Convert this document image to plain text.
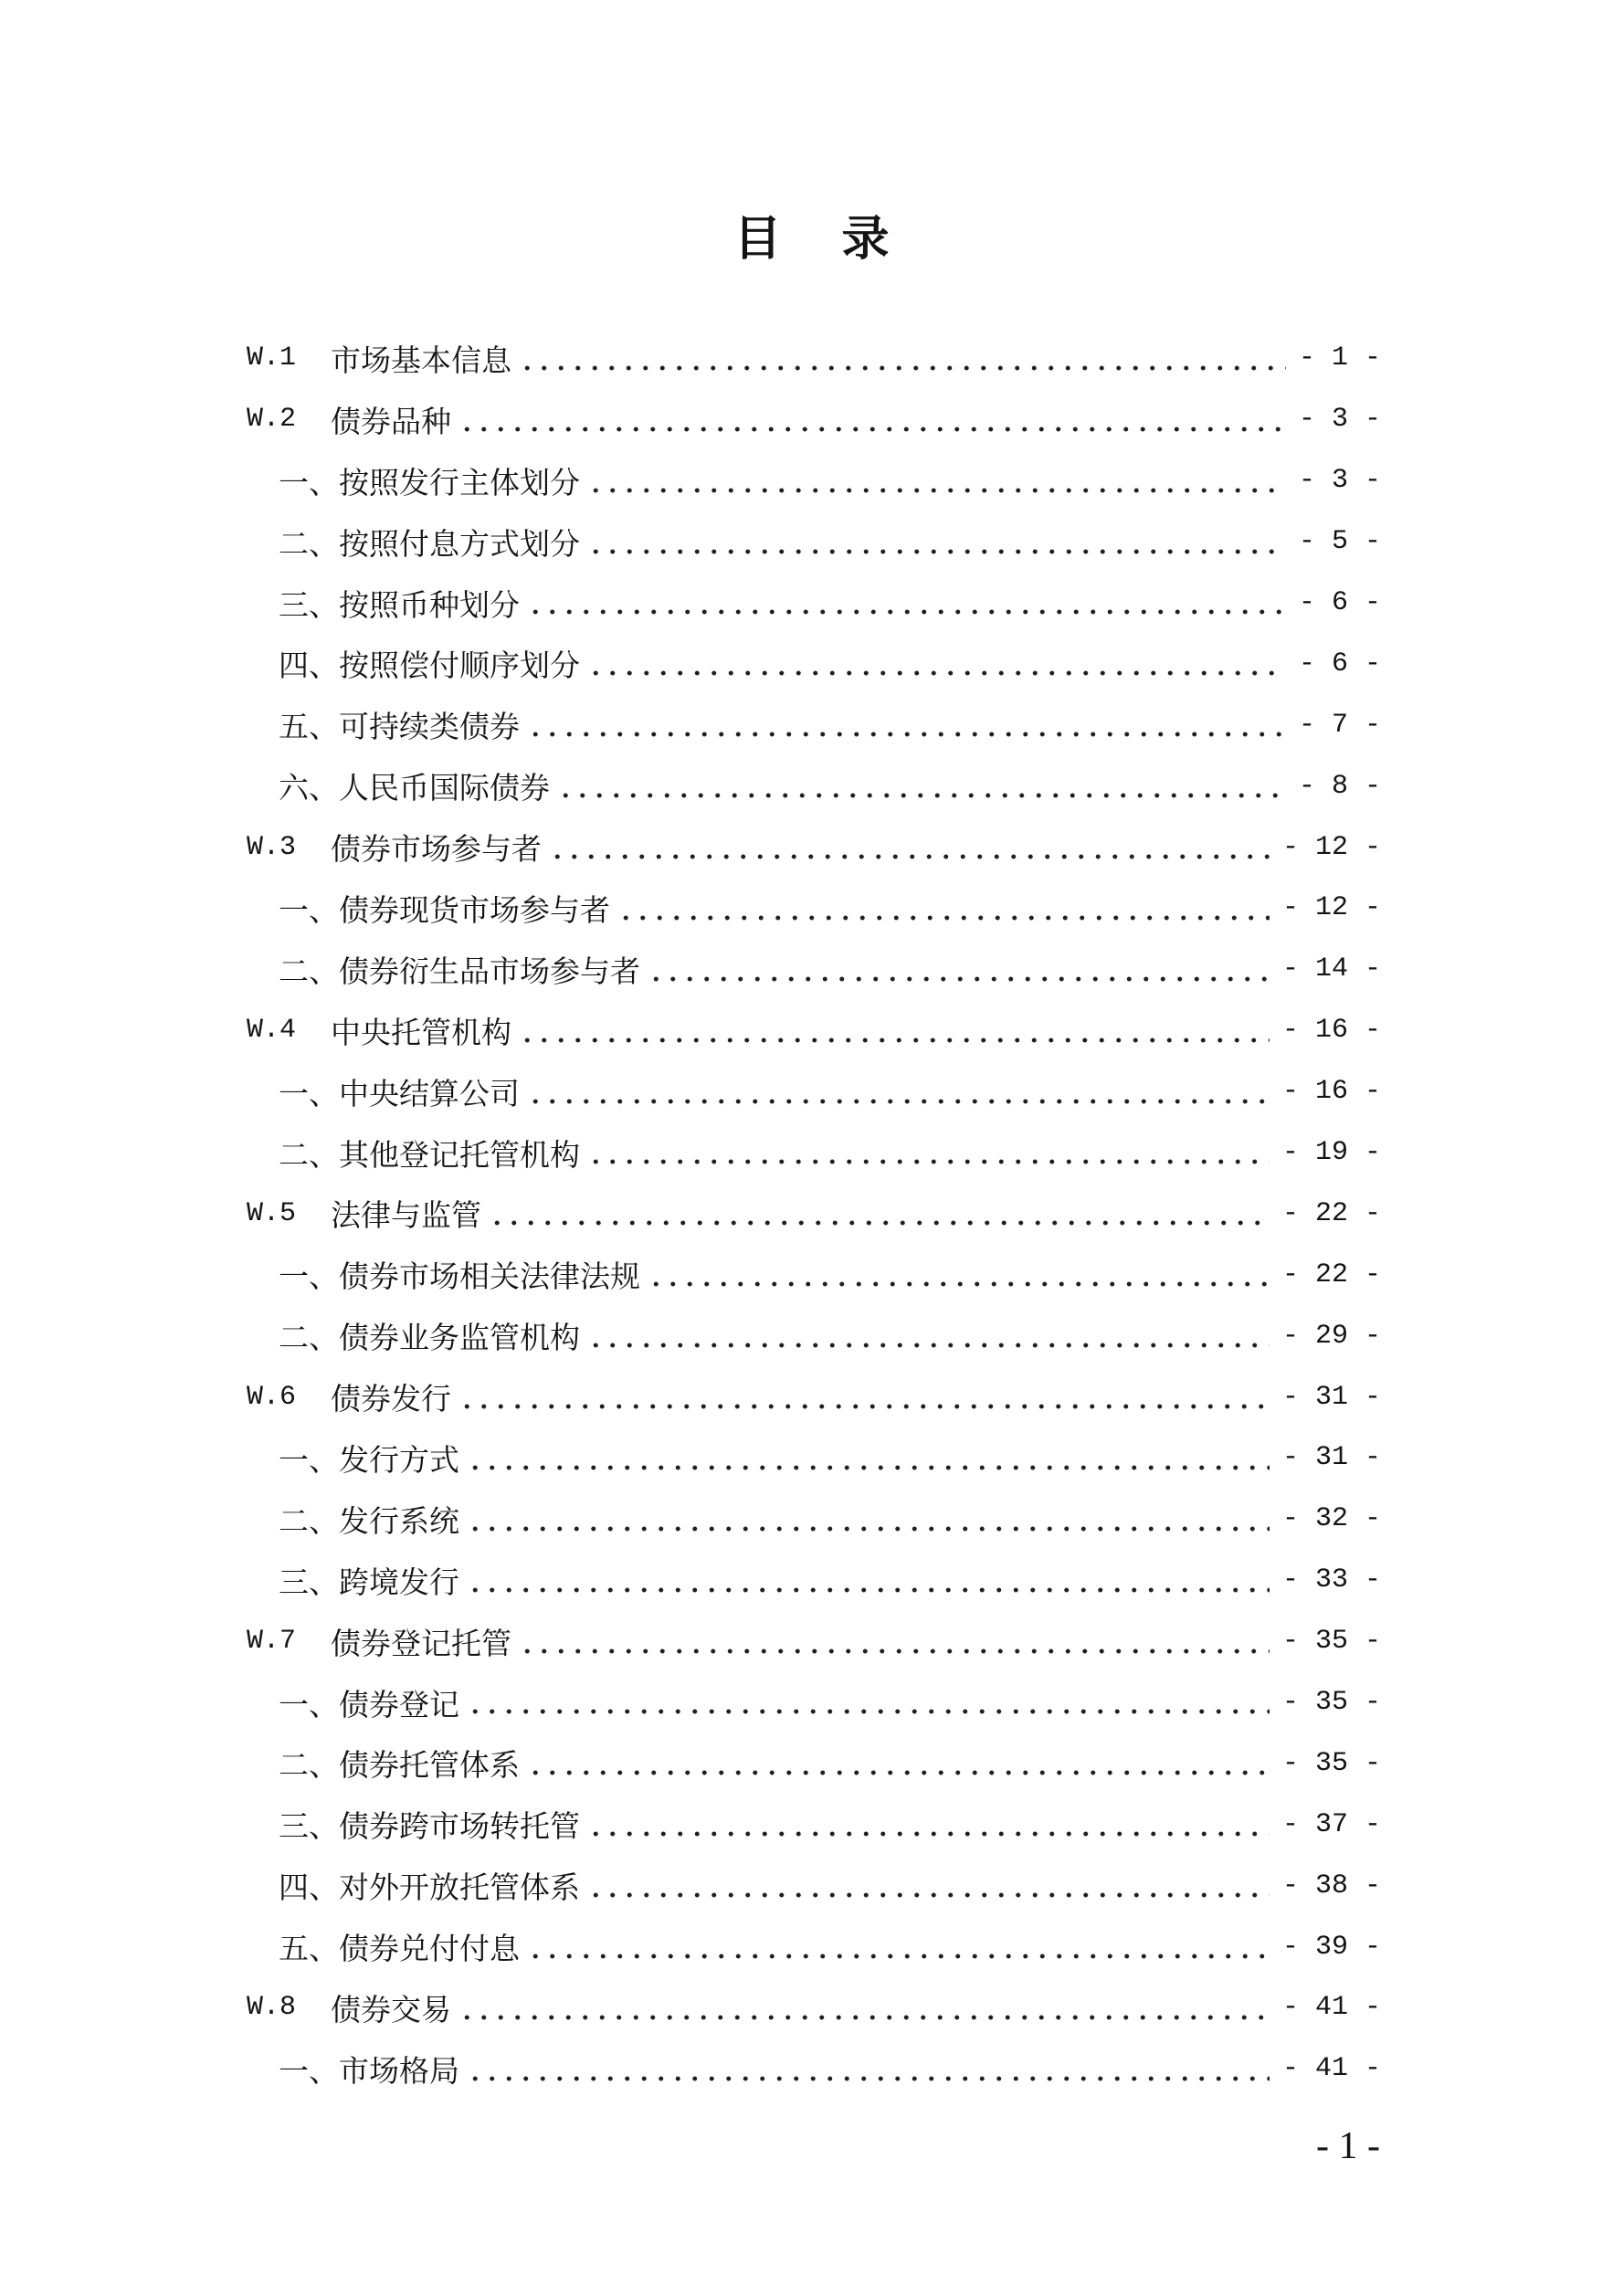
目 录
W.1	市场基本信息	- 1 -
W.2	债券品种	- 3 -
一、按照发行主体划分	- 3 -
二、按照付息方式划分	- 5 -
三、按照币种划分	- 6 -
四、按照偿付顺序划分	- 6 -
五、可持续类债券	- 7 -
六、人民币国际债券	- 8 -
W.3	债券市场参与者	- 12 -
一、债券现货市场参与者	- 12 -
二、债券衍生品市场参与者	- 14 -
W.4	中央托管机构	- 16 -
一、中央结算公司	- 16 -
二、其他登记托管机构	- 19 -
W.5	法律与监管	- 22 -
一、债券市场相关法律法规	- 22 -
二、债券业务监管机构	- 29 -
W.6	债券发行	- 31 -
一、发行方式	- 31 -
二、发行系统	- 32 -
三、跨境发行	- 33 -
W.7	债券登记托管	- 35 -
一、债券登记	- 35 -
二、债券托管体系	- 35 -
三、债券跨市场转托管	- 37 -
四、对外开放托管体系	- 38 -
五、债券兑付付息	- 39 -
W.8	债券交易	- 41 -
一、市场格局	- 41 -
- 1 -
